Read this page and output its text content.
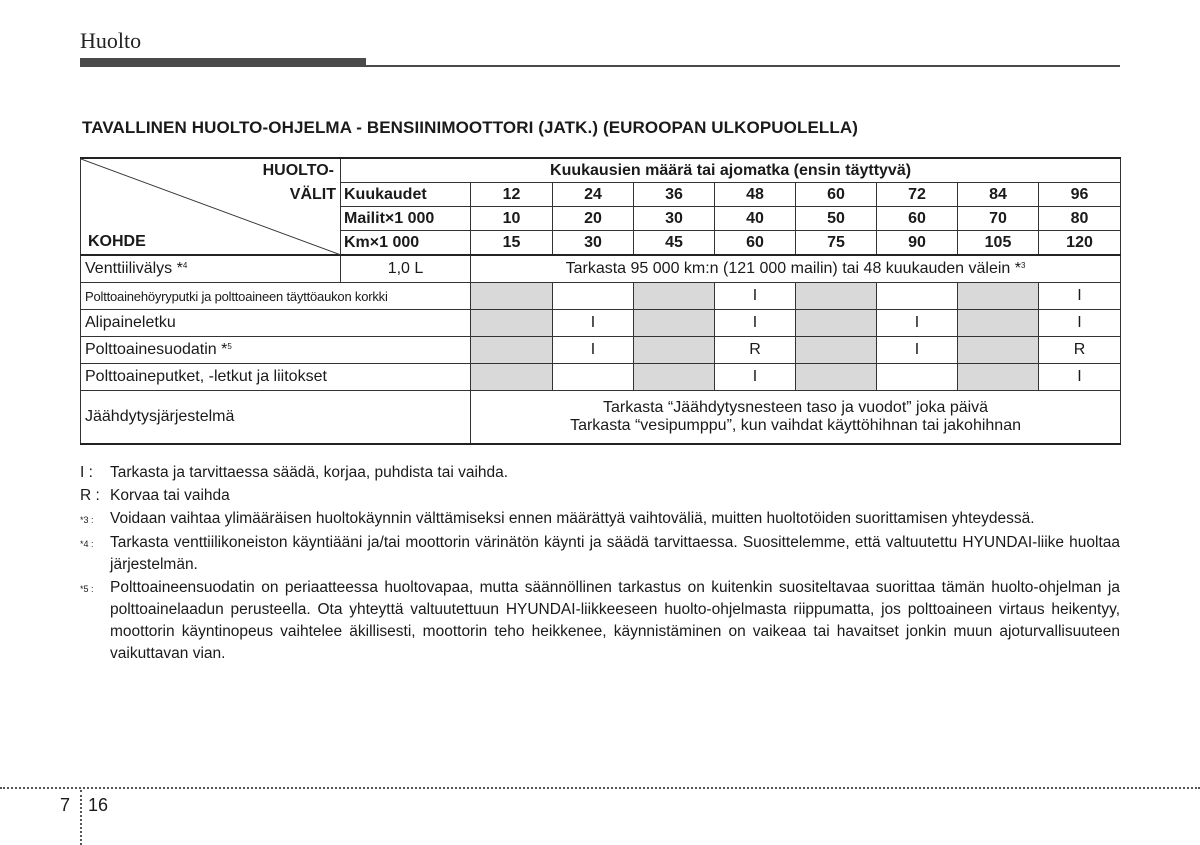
Huolto
TAVALLINEN HUOLTO-OHJELMA - BENSIINIMOOTTORI (JATK.) (EUROOPAN ULKOPUOLELLA)
HUOLTO-
VÄLIT
KOHDE	Kuukausien määrä tai ajomatka (ensin täyttyvä)								
	Kuukaudet	12	24	36	48	60	72	84	96
	Mailit×1 000	10	20	30	40	50	60	70	80
	Km×1 000	15	30	45	60	75	90	105	120
Venttiilivälys *$^4$	1,0 L	Tarkasta 95 000 km:n (121 000 mailin) tai 48 kuukauden välein *$^3$
Polttoainehöyryputki ja polttoaineen täyttöaukon korkki					I				I
Alipaineletku			I		I		I		I
Polttoainesuodatin *$^5$			I		R		I		R
Polttoaineputket, -letkut ja liitokset					I				I
Jäähdytysjärjestelmä		Tarkasta “Jäähdytysnesteen taso ja vuodot” joka päivä
Tarkasta “vesipumppu”, kun vaihdat käyttöhihnan tai jakohihnan							
I :	Tarkasta ja tarvittaessa säädä, korjaa, puhdista tai vaihda.
R : Korvaa tai vaihda
*3 :	Voidaan vaihtaa ylimääräisen huoltokäynnin välttämiseksi ennen määrättyä vaihtoväliä, muitten huoltotöiden suorittamisen yhteydessä.
*4 :	Tarkasta venttiilikoneiston käyntiääni ja/tai moottorin värinätön käynti ja säädä tarvittaessa. Suosittelemme, että valtuutettu HYUNDAI-liike huoltaa järjestelmän.
*5 :	Polttoaineensuodatin on periaatteessa huoltovapaa, mutta säännöllinen tarkastus on kuitenkin suositeltavaa suorittaa tämän huolto-ohjelman ja polttoainelaadun perusteella. Ota yhteyttä valtuutettuun HYUNDAI-liikkeeseen huolto-ohjelmasta riippumatta, jos polttoaineen virtaus heikentyy, moottorin käyntinopeus vaihtelee äkillisesti, moottorin teho heikkenee, käynnistäminen on vaikeaa tai havaitset jonkin muun ajoturvallisuuteen vaikuttavan vian.
7 16
